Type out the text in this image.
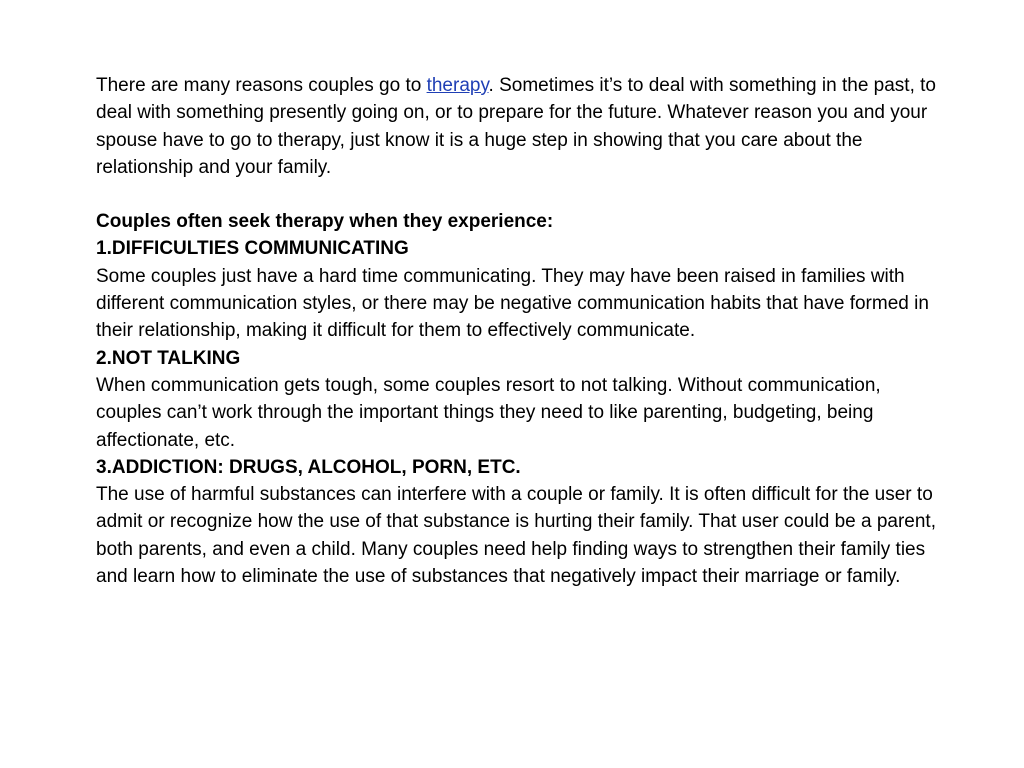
There are many reasons couples go to therapy. Sometimes it’s to deal with something in the past, to deal with something presently going on, or to prepare for the future. Whatever reason you and your spouse have to go to therapy, just know it is a huge step in showing that you care about the relationship and your family.

Couples often seek therapy when they experience:

1.DIFFICULTIES COMMUNICATING

Some couples just have a hard time communicating. They may have been raised in families with different communication styles, or there may be negative communication habits that have formed in their relationship, making it difficult for them to effectively communicate.

2.NOT TALKING

When communication gets tough, some couples resort to not talking. Without communication, couples can’t work through the important things they need to like parenting, budgeting, being affectionate, etc.

3.ADDICTION: DRUGS, ALCOHOL, PORN, ETC.

The use of harmful substances can interfere with a couple or family. It is often difficult for the user to admit or recognize how the use of that substance is hurting their family. That user could be a parent, both parents, and even a child. Many couples need help finding ways to strengthen their family ties and learn how to eliminate the use of substances that negatively impact their marriage or family.
